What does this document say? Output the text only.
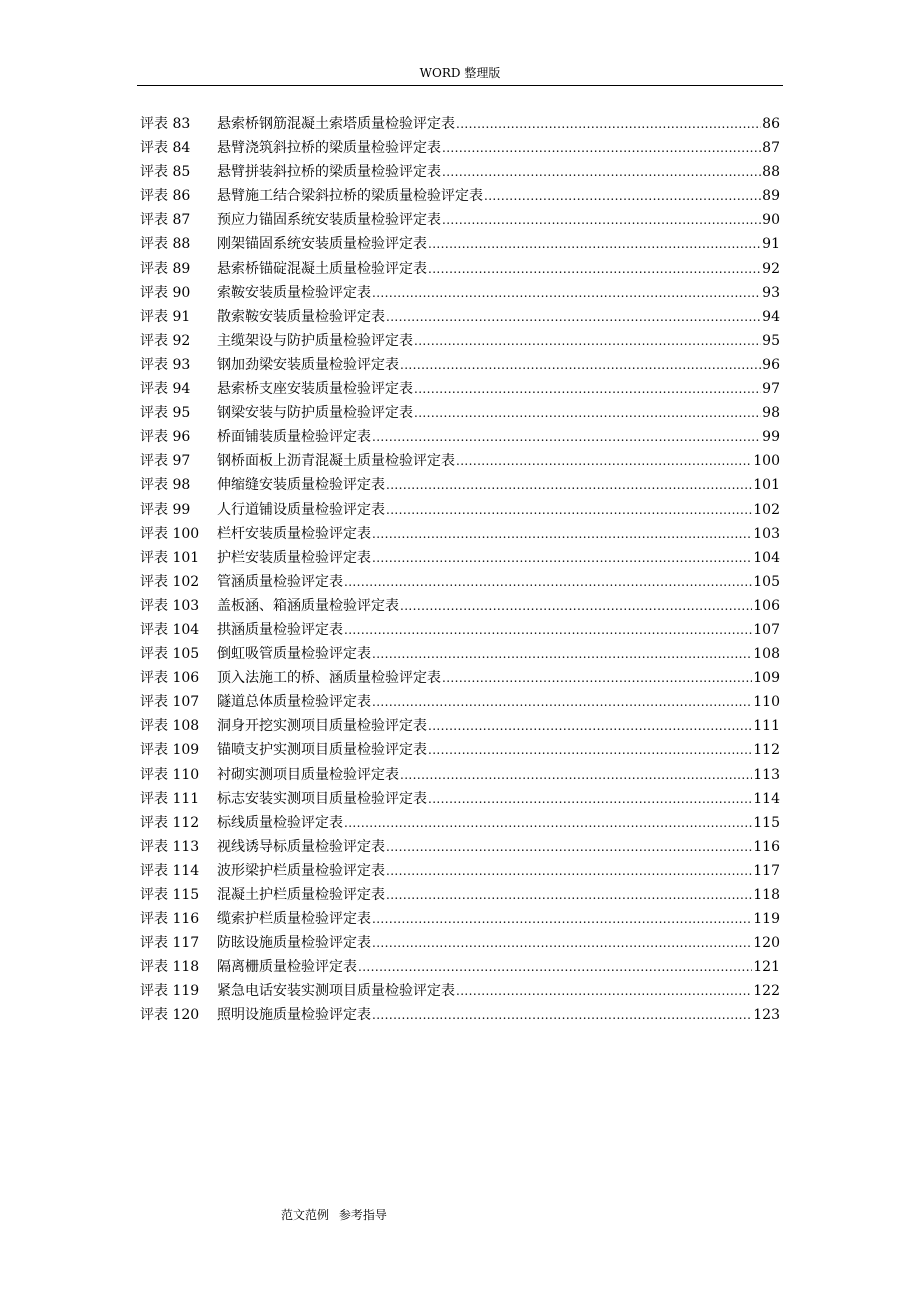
WORD 整理版
评表 83	悬索桥钢筋混凝土索塔质量检验评定表 .....	86
评表 84	悬臂浇筑斜拉桥的梁质量检验评定表 .....	87
评表 85	悬臂拼装斜拉桥的梁质量检验评定表 .....	88
评表 86	悬臂施工结合梁斜拉桥的梁质量检验评定表 .....	89
评表 87	预应力锚固系统安装质量检验评定表 .....	90
评表 88	刚架锚固系统安装质量检验评定表 .....	91
评表 89	悬索桥锚碇混凝土质量检验评定表 .....	92
评表 90	索鞍安装质量检验评定表 .....	93
评表 91	散索鞍安装质量检验评定表 .....	94
评表 92	主缆架设与防护质量检验评定表 .....	95
评表 93	钢加劲梁安装质量检验评定表 .....	96
评表 94	悬索桥支座安装质量检验评定表 .....	97
评表 95	钢梁安装与防护质量检验评定表 .....	98
评表 96	桥面铺装质量检验评定表 .....	99
评表 97	钢桥面板上沥青混凝土质量检验评定表 .....	100
评表 98	伸缩缝安装质量检验评定表 .....	101
评表 99	人行道铺设质量检验评定表 .....	102
评表 100	栏杆安装质量检验评定表 .....	103
评表 101	护栏安装质量检验评定表 .....	104
评表 102	管涵质量检验评定表 .....	105
评表 103	盖板涵、箱涵质量检验评定表 .....	106
评表 104	拱涵质量检验评定表 .....	107
评表 105	倒虹吸管质量检验评定表 .....	108
评表 106	顶入法施工的桥、涵质量检验评定表 .....	109
评表 107	隧道总体质量检验评定表 .....	110
评表 108	洞身开挖实测项目质量检验评定表 .....	111
评表 109	锚喷支护实测项目质量检验评定表 .....	112
评表 110	衬砌实测项目质量检验评定表 .....	113
评表 111	标志安装实测项目质量检验评定表 .....	114
评表 112	标线质量检验评定表 .....	115
评表 113	视线诱导标质量检验评定表 .....	116
评表 114	波形梁护栏质量检验评定表 .....	117
评表 115	混凝土护栏质量检验评定表 .....	118
评表 116	缆索护栏质量检验评定表 .....	119
评表 117	防眩设施质量检验评定表 .....	120
评表 118	隔离栅质量检验评定表 .....	121
评表 119	紧急电话安装实测项目质量检验评定表 .....	122
评表 120	照明设施质量检验评定表 .....	123
范文范例 参考指导
